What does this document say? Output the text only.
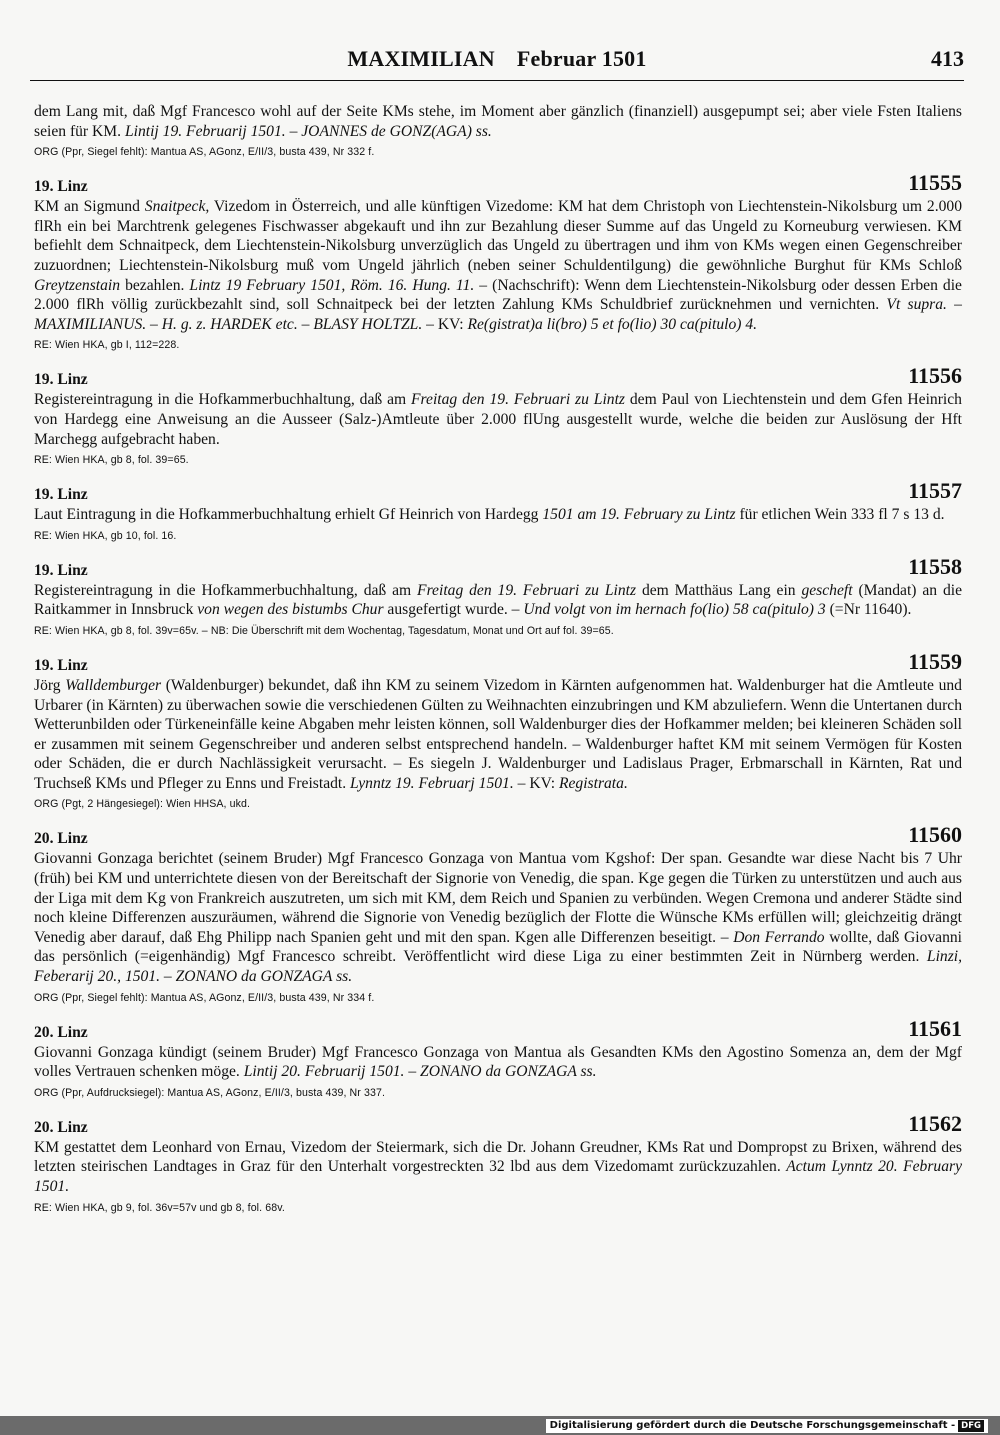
MAXIMILIAN Februar 1501	413
dem Lang mit, daß Mgf Francesco wohl auf der Seite KMs stehe, im Moment aber gänzlich (finanziell) ausgepumpt sei; aber viele Fsten Italiens seien für KM. Lintij 19. Februarij 1501. – JOANNES de GONZ(AGA) ss.
ORG (Ppr, Siegel fehlt): Mantua AS, AGonz, E/II/3, busta 439, Nr 332 f.
19. Linz	11555
KM an Sigmund Snaitpeck, Vizedom in Österreich, und alle künftigen Vizedome: KM hat dem Christoph von Liechtenstein-Nikolsburg um 2.000 flRh ein bei Marchtrenk gelegenes Fischwasser abgekauft und ihn zur Bezahlung dieser Summe auf das Ungeld zu Korneuburg verwiesen. KM befiehlt dem Schnaitpeck, dem Liechtenstein-Nikolsburg unverzüglich das Ungeld zu übertragen und ihm von KMs wegen einen Gegenschreiber zuzuordnen; Liechtenstein-Nikolsburg muß vom Ungeld jährlich (neben seiner Schuldentilgung) die gewöhnliche Burghut für KMs Schloß Greytzenstain bezahlen. Lintz 19 February 1501, Röm. 16. Hung. 11. – (Nachschrift): Wenn dem Liechtenstein-Nikolsburg oder dessen Erben die 2.000 flRh völlig zurückbezahlt sind, soll Schnaitpeck bei der letzten Zahlung KMs Schuldbrief zurücknehmen und vernichten. Vt supra. – MAXIMILIANUS. – H. g. z. HARDEK etc. – BLASY HOLTZL. – KV: Re(gistrat)a li(bro) 5 et fo(lio) 30 ca(pitulo) 4.
RE: Wien HKA, gb I, 112=228.
19. Linz	11556
Registereintragung in die Hofkammerbuchhaltung, daß am Freitag den 19. Februari zu Lintz dem Paul von Liechtenstein und dem Gfen Heinrich von Hardegg eine Anweisung an die Ausseer (Salz-)Amtleute über 2.000 flUng ausgestellt wurde, welche die beiden zur Auslösung der Hft Marchegg aufgebracht haben.
RE: Wien HKA, gb 8, fol. 39=65.
19. Linz	11557
Laut Eintragung in die Hofkammerbuchhaltung erhielt Gf Heinrich von Hardegg 1501 am 19. February zu Lintz für etlichen Wein 333 fl 7 s 13 d.
RE: Wien HKA, gb 10, fol. 16.
19. Linz	11558
Registereintragung in die Hofkammerbuchhaltung, daß am Freitag den 19. Februari zu Lintz dem Matthäus Lang ein gescheft (Mandat) an die Raitkammer in Innsbruck von wegen des bistumbs Chur ausgefertigt wurde. – Und volgt von im hernach fo(lio) 58 ca(pitulo) 3 (=Nr 11640).
RE: Wien HKA, gb 8, fol. 39v=65v. – NB: Die Überschrift mit dem Wochentag, Tagesdatum, Monat und Ort auf fol. 39=65.
19. Linz	11559
Jörg Walldemburger (Waldenburger) bekundet, daß ihn KM zu seinem Vizedom in Kärnten aufgenommen hat. Waldenburger hat die Amtleute und Urbarer (in Kärnten) zu überwachen sowie die verschiedenen Gülten zu Weihnachten einzubringen und KM abzuliefern. Wenn die Untertanen durch Wetterunbilden oder Türkeneinfälle keine Abgaben mehr leisten können, soll Waldenburger dies der Hofkammer melden; bei kleineren Schäden soll er zusammen mit seinem Gegenschreiber und anderen selbst entsprechend handeln. – Waldenburger haftet KM mit seinem Vermögen für Kosten oder Schäden, die er durch Nachlässigkeit verursacht. – Es siegeln J. Waldenburger und Ladislaus Prager, Erbmarschall in Kärnten, Rat und Truchseß KMs und Pfleger zu Enns und Freistadt. Lynntz 19. Februarj 1501. – KV: Registrata.
ORG (Pgt, 2 Hängesiegel): Wien HHSA, ukd.
20. Linz	11560
Giovanni Gonzaga berichtet (seinem Bruder) Mgf Francesco Gonzaga von Mantua vom Kgshof: Der span. Gesandte war diese Nacht bis 7 Uhr (früh) bei KM und unterrichtete diesen von der Bereitschaft der Signorie von Venedig, die span. Kge gegen die Türken zu unterstützen und auch aus der Liga mit dem Kg von Frankreich auszutreten, um sich mit KM, dem Reich und Spanien zu verbünden. Wegen Cremona und anderer Städte sind noch kleine Differenzen auszuräumen, während die Signorie von Venedig bezüglich der Flotte die Wünsche KMs erfüllen will; gleichzeitig drängt Venedig aber darauf, daß Ehg Philipp nach Spanien geht und mit den span. Kgen alle Differenzen beseitigt. – Don Ferrando wollte, daß Giovanni das persönlich (=eigenhändig) Mgf Francesco schreibt. Veröffentlicht wird diese Liga zu einer bestimmten Zeit in Nürnberg werden. Linzi, Feberarij 20., 1501. – ZONANO da GONZAGA ss.
ORG (Ppr, Siegel fehlt): Mantua AS, AGonz, E/II/3, busta 439, Nr 334 f.
20. Linz	11561
Giovanni Gonzaga kündigt (seinem Bruder) Mgf Francesco Gonzaga von Mantua als Gesandten KMs den Agostino Somenza an, dem der Mgf volles Vertrauen schenken möge. Lintij 20. Februarij 1501. – ZONANO da GONZAGA ss.
ORG (Ppr, Aufdrucksiegel): Mantua AS, AGonz, E/II/3, busta 439, Nr 337.
20. Linz	11562
KM gestattet dem Leonhard von Ernau, Vizedom der Steiermark, sich die Dr. Johann Greudner, KMs Rat und Dompropst zu Brixen, während des letzten steirischen Landtages in Graz für den Unterhalt vorgestreckten 32 lbd aus dem Vizedomamt zurückzuzahlen. Actum Lynntz 20. February 1501.
RE: Wien HKA, gb 9, fol. 36v=57v und gb 8, fol. 68v.
Digitalisierung gefördert durch die Deutsche Forschungsgemeinschaft - DFG
